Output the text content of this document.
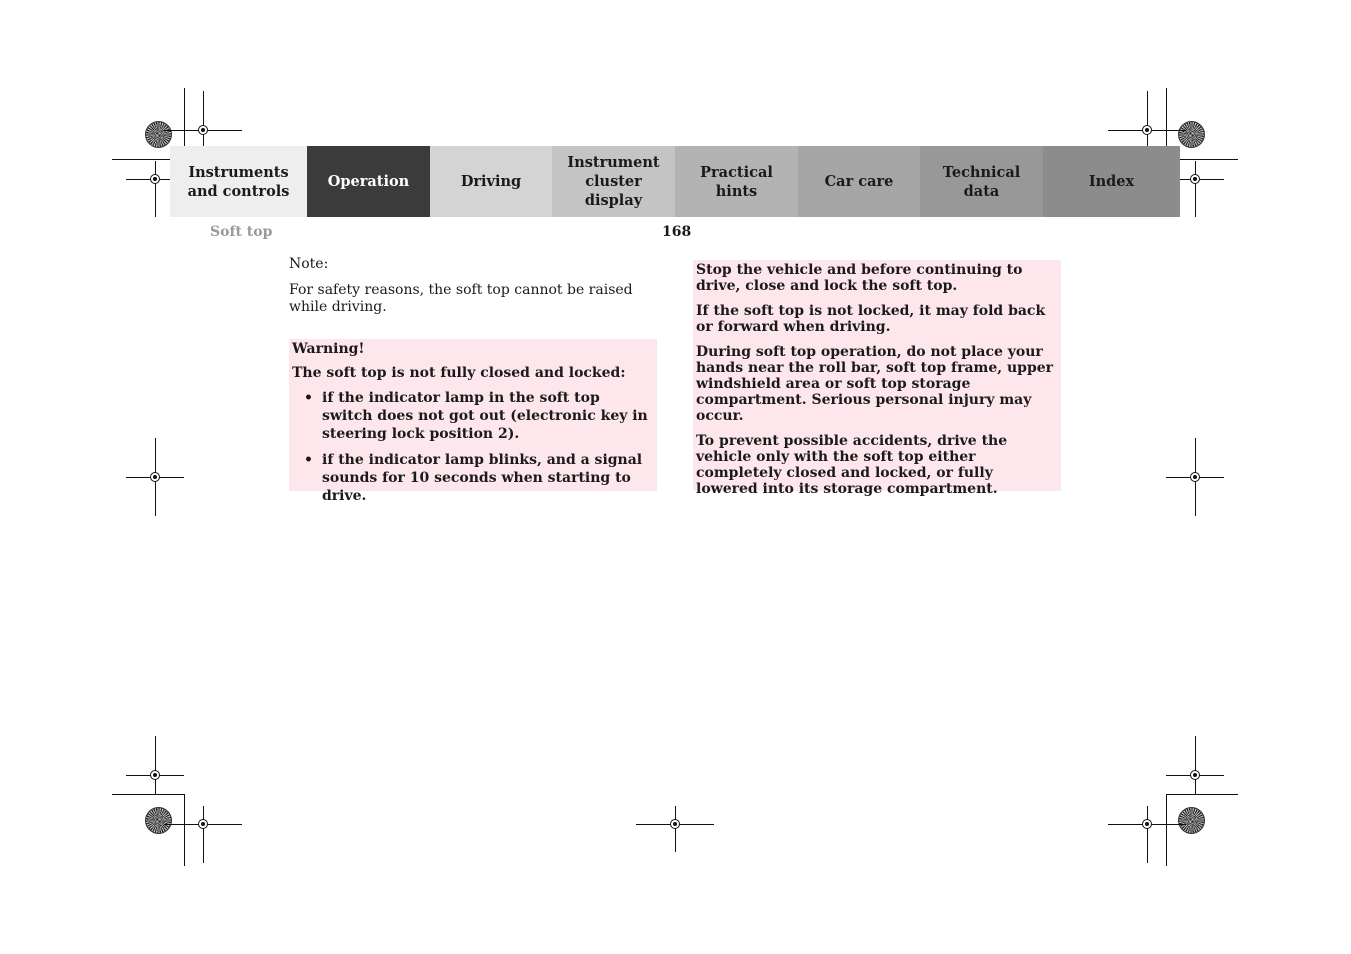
Instruments
and controls
Operation	Driving
Instrument
cluster display
Practical hints
Car care
Technical
data
Index
Soft top	168

Note:

For safety reasons, the soft top cannot be raised while driving.

Warning!

The soft top is not fully closed and locked:

• if the indicator lamp in the soft top switch does not got out (electronic key in steering lock position 2).
• if the indicator lamp blinks, and a signal sounds for 10 seconds when starting to drive.

Stop the vehicle and before continuing to drive, close and lock the soft top.

If the soft top is not locked, it may fold back or forward when driving.

During soft top operation, do not place your hands near the roll bar, soft top frame, upper windshield area or soft top storage compartment. Serious personal injury may occur.

To prevent possible accidents, drive the vehicle only with the soft top either completely closed and locked, or fully lowered into its storage compartment.
